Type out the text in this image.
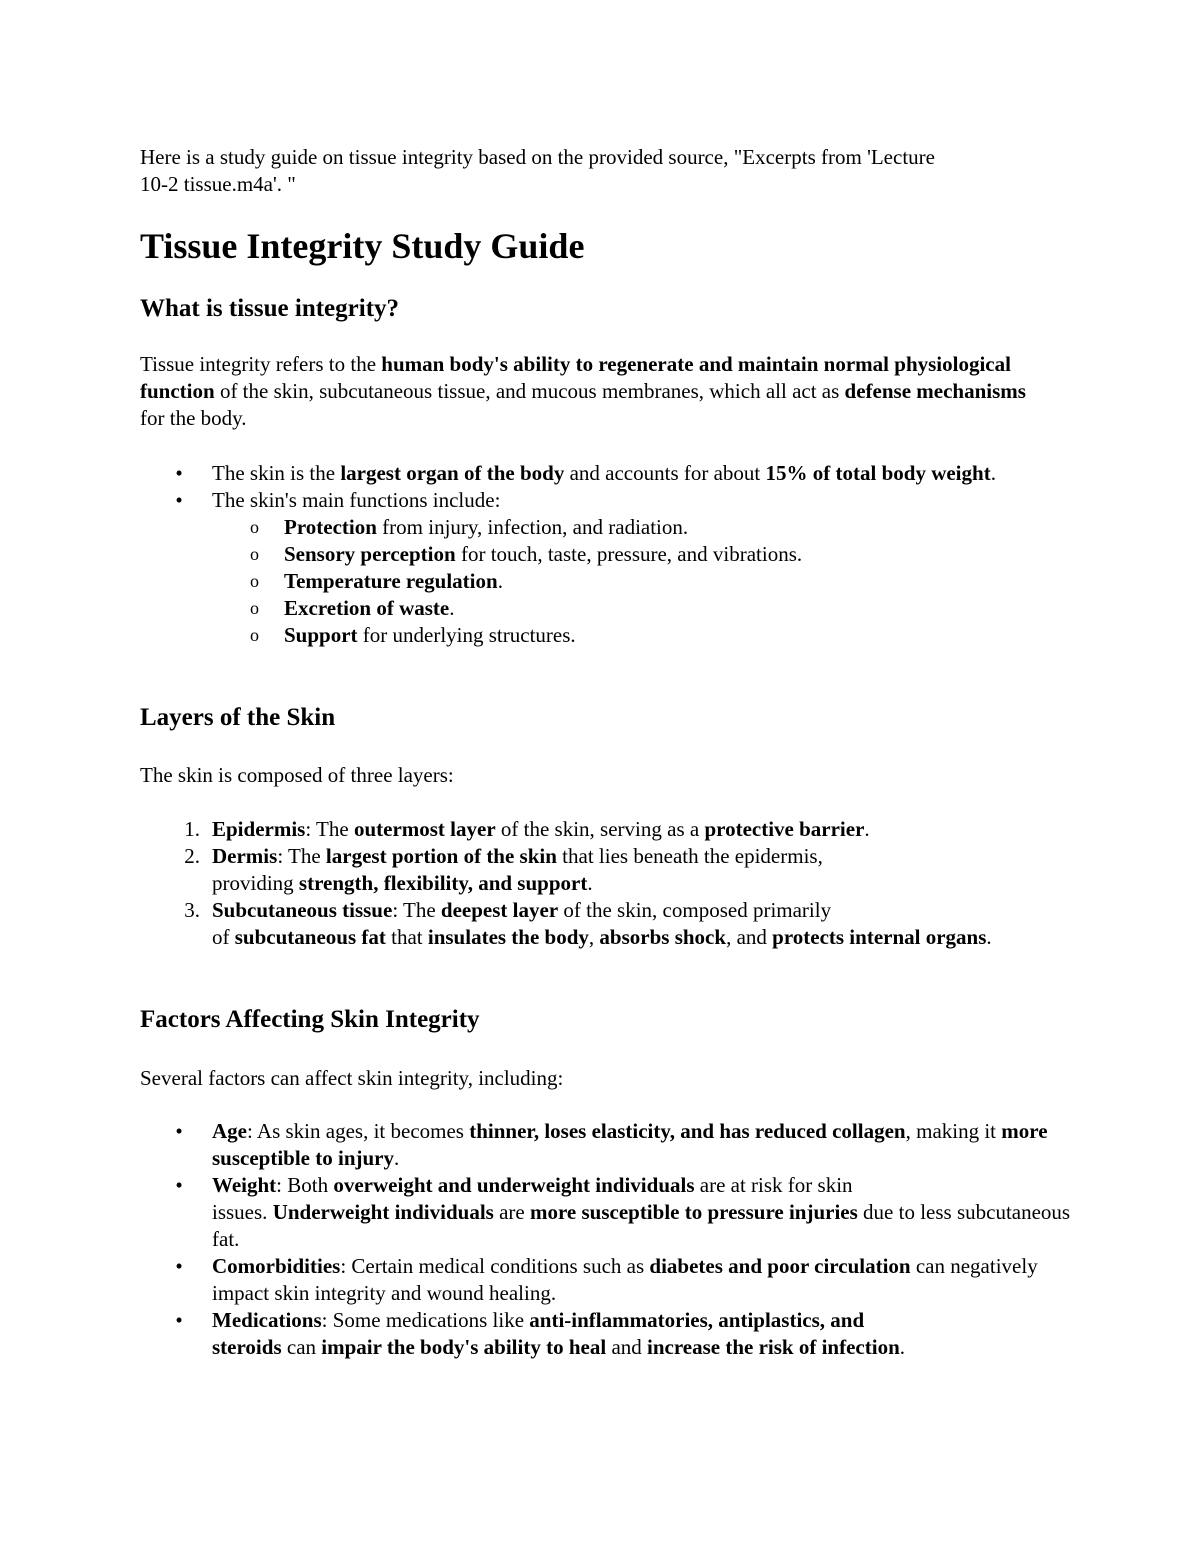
Here is a study guide on tissue integrity based on the provided source, "Excerpts from 'Lecture
10-2 tissue.m4a'. "

Tissue Integrity Study Guide
What is tissue integrity?

Tissue integrity refers to the human body's ability to regenerate and maintain normal physiological function of the skin, subcutaneous tissue, and mucous membranes, which all act as defense mechanisms for the body.

• The skin is the largest organ of the body and accounts for about 15% of total body weight.
• The skin's main functions include:
o Protection from injury, infection, and radiation.
o Sensory perception for touch, taste, pressure, and vibrations.
o Temperature regulation.
o Excretion of waste.
o Support for underlying structures.
Layers of the Skin

The skin is composed of three layers:

1. Epidermis: The outermost layer of the skin, serving as a protective barrier.
2. Dermis: The largest portion of the skin that lies beneath the epidermis,
providing strength, flexibility, and support.
3. Subcutaneous tissue: The deepest layer of the skin, composed primarily
of subcutaneous fat that insulates the body, absorbs shock, and protects internal organs.
Factors Affecting Skin Integrity

Several factors can affect skin integrity, including:

• Age: As skin ages, it becomes thinner, loses elasticity, and has reduced collagen, making it more susceptible to injury.
• Weight: Both overweight and underweight individuals are at risk for skin
issues. Underweight individuals are more susceptible to pressure injuries due to less subcutaneous fat.
• Comorbidities: Certain medical conditions such as diabetes and poor circulation can negatively impact skin integrity and wound healing.
• Medications: Some medications like anti-inflammatories, antiplastics, and
steroids can impair the body's ability to heal and increase the risk of infection.
